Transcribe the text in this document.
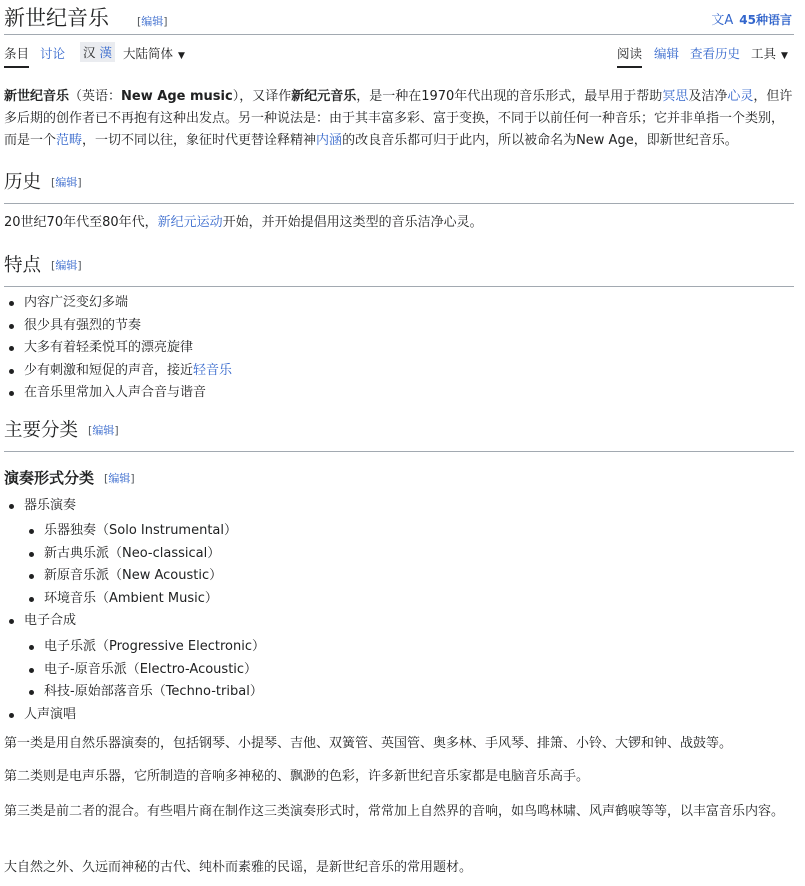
新世纪音乐	[编辑]	文A 45种语言
条目 讨论 汉 漢 大陆简体 ▼	阅读 编辑 查看历史 工具 ▼

新世纪音乐（英语：New Age music），又译作新纪元音乐，是一种在1970年代出现的音乐形式，最早用于帮助冥思及洁净心灵，但许多后期的创作者已不再抱有这种出发点。另一种说法是：由于其丰富多彩、富于变换，不同于以前任何一种音乐；它并非单指一个类别，而是一个范畴，一切不同以往，象征时代更替诠释精神内涵的改良音乐都可归于此内，所以被命名为New Age，即新世纪音乐。

历史 [编辑]

20世纪70年代至80年代，新纪元运动开始，并开始提倡用这类型的音乐洁净心灵。

特点 [编辑]
内容广泛变幻多端
很少具有强烈的节奏
大多有着轻柔悦耳的漂亮旋律
少有刺激和短促的声音，接近轻音乐
在音乐里常加入人声合音与谐音
主要分类 [编辑]
演奏形式分类 [编辑]
器乐演奏
乐器独奏（Solo Instrumental）
新古典乐派（Neo-classical）
新原音乐派（New Acoustic）
环境音乐（Ambient Music）
电子合成
电子乐派（Progressive Electronic）
电子-原音乐派（Electro-Acoustic）
科技-原始部落音乐（Techno-tribal）
人声演唱

第一类是用自然乐器演奏的，包括钢琴、小提琴、吉他、双簧管、英国管、奥多林、手风琴、排箫、小铃、大锣和钟、战鼓等。

第二类则是电声乐器，它所制造的音响多神秘的、飘渺的色彩，许多新世纪音乐家都是电脑音乐高手。

第三类是前二者的混合。有些唱片商在制作这三类演奏形式时，常常加上自然界的音响，如鸟鸣林啸、风声鹤唳等等，以丰富音乐内容。

大自然之外、久远而神秘的古代、纯朴而素雅的民谣，是新世纪音乐的常用题材。
